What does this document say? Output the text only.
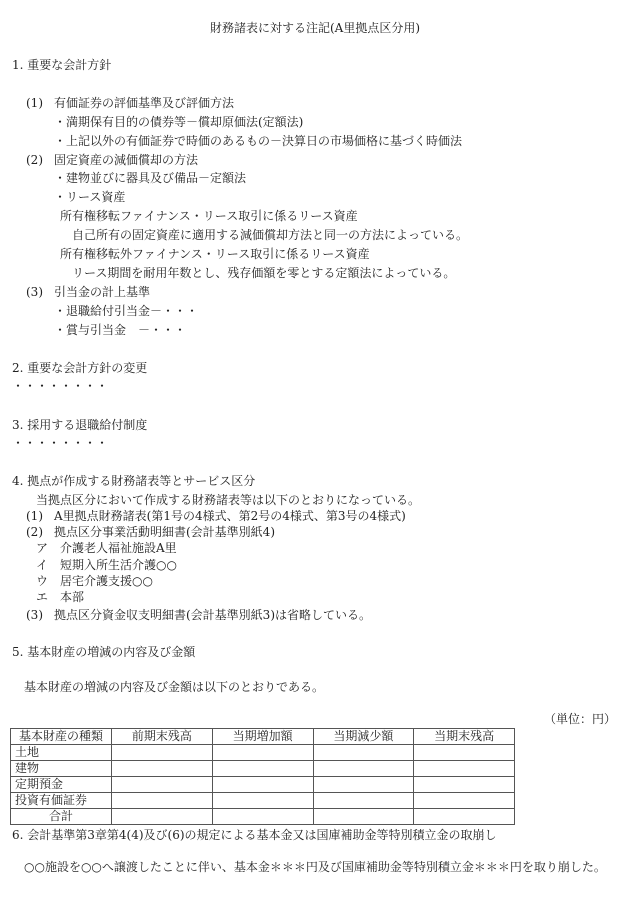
財務諸表に対する注記(A里拠点区分用)
1. 重要な会計方針
(1) 有価証券の評価基準及び評価方法
・満期保有目的の債券等－償却原価法(定額法)
・上記以外の有価証券で時価のあるもの－決算日の市場価格に基づく時価法
(2) 固定資産の減価償却の方法
・建物並びに器具及び備品－定額法
・リース資産
所有権移転ファイナンス・リース取引に係るリース資産
自己所有の固定資産に適用する減価償却方法と同一の方法によっている。
所有権移転外ファイナンス・リース取引に係るリース資産
リース期間を耐用年数とし、残存価額を零とする定額法によっている。
(3) 引当金の計上基準
・退職給付引当金－・・・
・賞与引当金　－・・・
2. 重要な会計方針の変更
・・・・・・・・
3. 採用する退職給付制度
・・・・・・・・
4. 拠点が作成する財務諸表等とサービス区分
当拠点区分において作成する財務諸表等は以下のとおりになっている。
(1) A里拠点財務諸表(第1号の4様式、第2号の4様式、第3号の4様式)
(2) 拠点区分事業活動明細書(会計基準別紙4)
ア 介護老人福祉施設A里
イ 短期入所生活介護○○
ウ 居宅介護支援○○
エ 本部
(3) 拠点区分資金収支明細書(会計基準別紙3)は省略している。
5. 基本財産の増減の内容及び金額
基本財産の増減の内容及び金額は以下のとおりである。
（単位：円）
基本財産の種類	前期末残高	当期増加額	当期減少額	当期末残高
土地				
建物				
定期預金				
投資有価証券				
合計				
6. 会計基準第3章第4(4)及び(6)の規定による基本金又は国庫補助金等特別積立金の取崩し
○○施設を○○へ譲渡したことに伴い、基本金＊＊＊円及び国庫補助金等特別積立金＊＊＊円を取り崩した。
